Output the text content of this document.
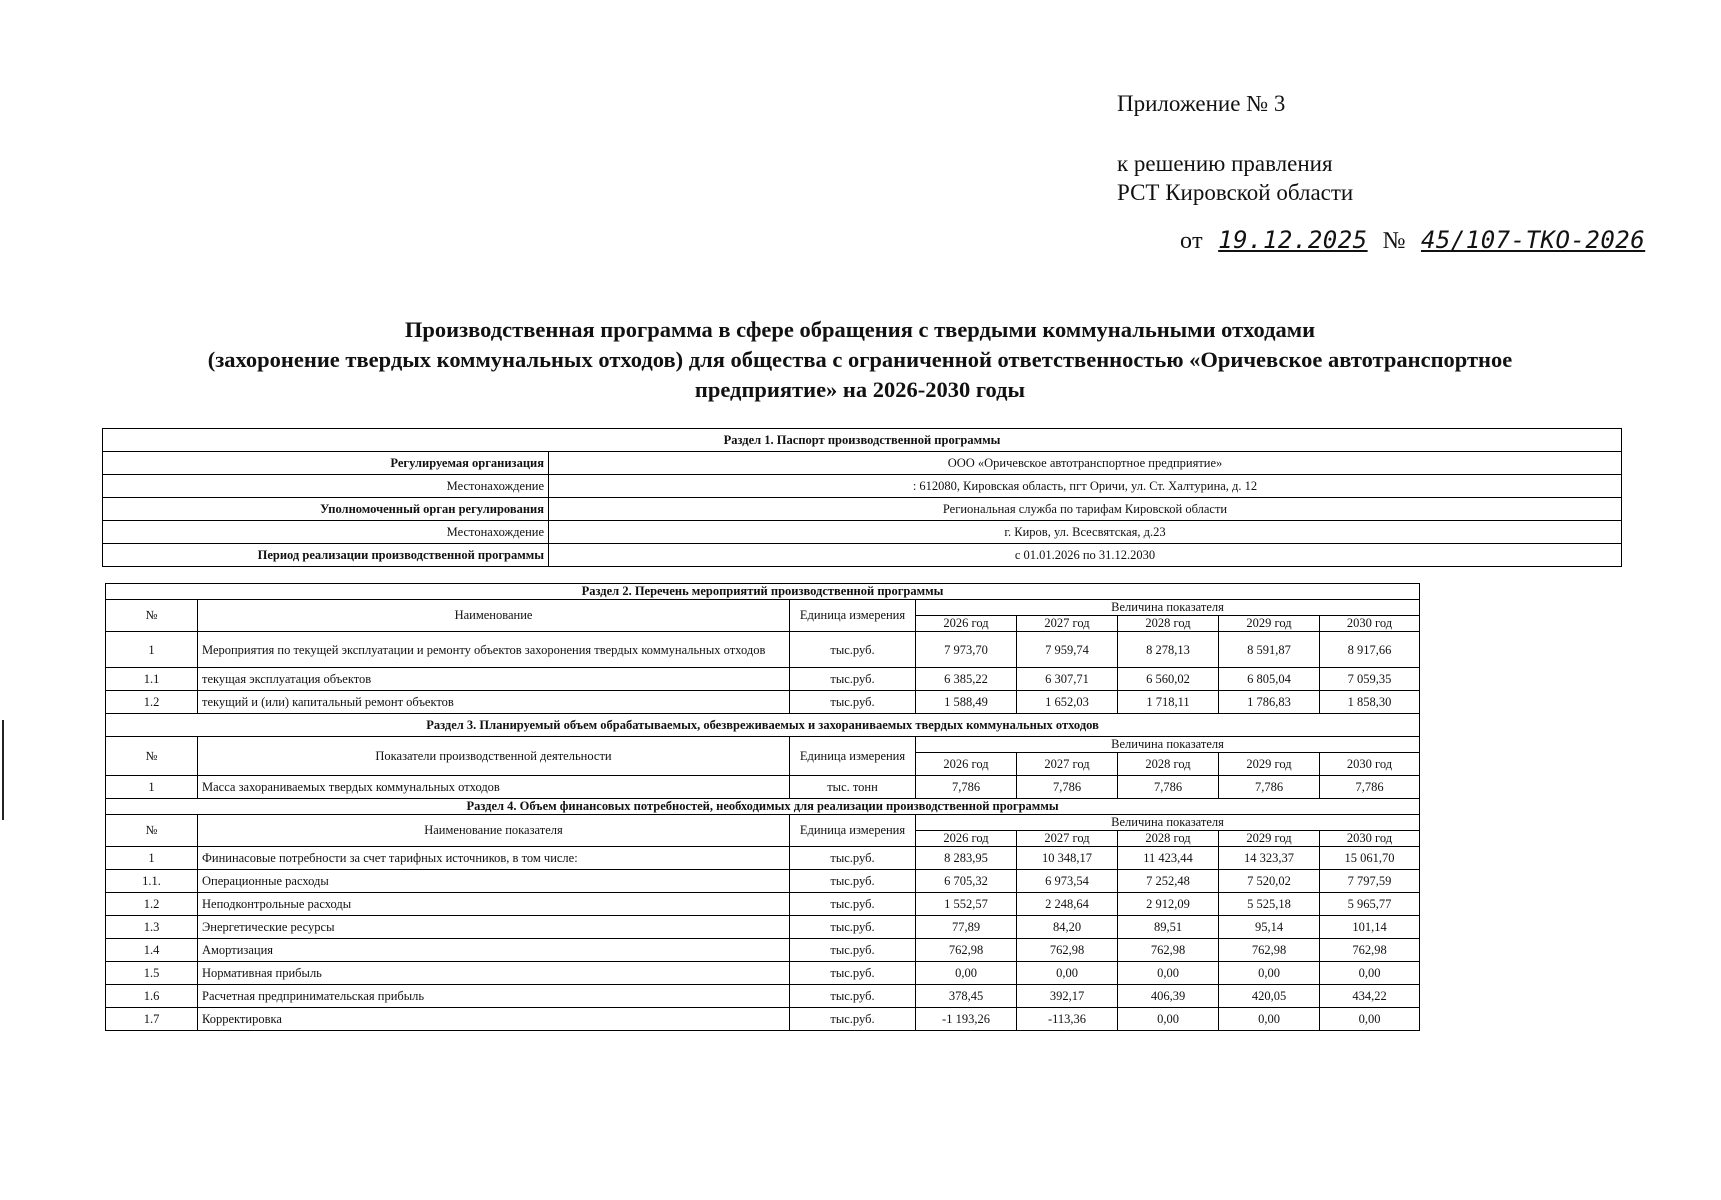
Приложение № 3
к решению правления
РСТ Кировской области
от 19.12.2025 № 45/107-ТКО-2026
Производственная программа в сфере обращения с твердыми коммунальными отходами
(захоронение твердых коммунальных отходов) для общества с ограниченной ответственностью «Оричевское автотранспортное
предприятие» на 2026-2030 годы
Раздел 1. Паспорт производственной программы	
Регулируемая организация	ООО «Оричевское автотранспортное предприятие»
Местонахождение	: 612080, Кировская область, пгт Оричи, ул. Ст. Халтурина, д. 12
Уполномоченный орган регулирования	Региональная служба по тарифам Кировской области
Местонахождение	г. Киров, ул. Всесвятская, д.23
Период реализации производственной программы	с 01.01.2026 по 31.12.2030
Раздел 2. Перечень мероприятий производственной программы							
№	Наименование	Единица измерения	Величина показателя				
			2026 год	2027 год	2028 год	2029 год	2030 год
1	Мероприятия по текущей эксплуатации и ремонту объектов захоронения твердых коммунальных отходов	тыс.руб.	7 973,70	7 959,74	8 278,13	8 591,87	8 917,66
1.1	текущая эксплуатация объектов	тыс.руб.	6 385,22	6 307,71	6 560,02	6 805,04	7 059,35
1.2	текущий и (или) капитальный ремонт объектов	тыс.руб.	1 588,49	1 652,03	1 718,11	1 786,83	1 858,30
Раздел 3. Планируемый объем обрабатываемых, обезвреживаемых и захораниваемых твердых коммунальных отходов							
№	Показатели производственной деятельности	Единица измерения	Величина показателя				
			2026 год	2027 год	2028 год	2029 год	2030 год
1	Масса захораниваемых твердых коммунальных отходов	тыс. тонн	7,786	7,786	7,786	7,786	7,786
Раздел 4. Объем финансовых потребностей, необходимых для реализации производственной программы							
№	Наименование показателя	Единица измерения	Величина показателя				
			2026 год	2027 год	2028 год	2029 год	2030 год
1	Фининасовые потребности за счет тарифных источников, в том числе:	тыс.руб.	8 283,95	10 348,17	11 423,44	14 323,37	15 061,70
1.1.	Операционные расходы	тыс.руб.	6 705,32	6 973,54	7 252,48	7 520,02	7 797,59
1.2	Неподконтрольные расходы	тыс.руб.	1 552,57	2 248,64	2 912,09	5 525,18	5 965,77
1.3	Энергетические ресурсы	тыс.руб.	77,89	84,20	89,51	95,14	101,14
1.4	Амортизация	тыс.руб.	762,98	762,98	762,98	762,98	762,98
1.5	Нормативная прибыль	тыс.руб.	0,00	0,00	0,00	0,00	0,00
1.6	Расчетная предпринимательская прибыль	тыс.руб.	378,45	392,17	406,39	420,05	434,22
1.7	Корректировка	тыс.руб.	-1 193,26	-113,36	0,00	0,00	0,00
